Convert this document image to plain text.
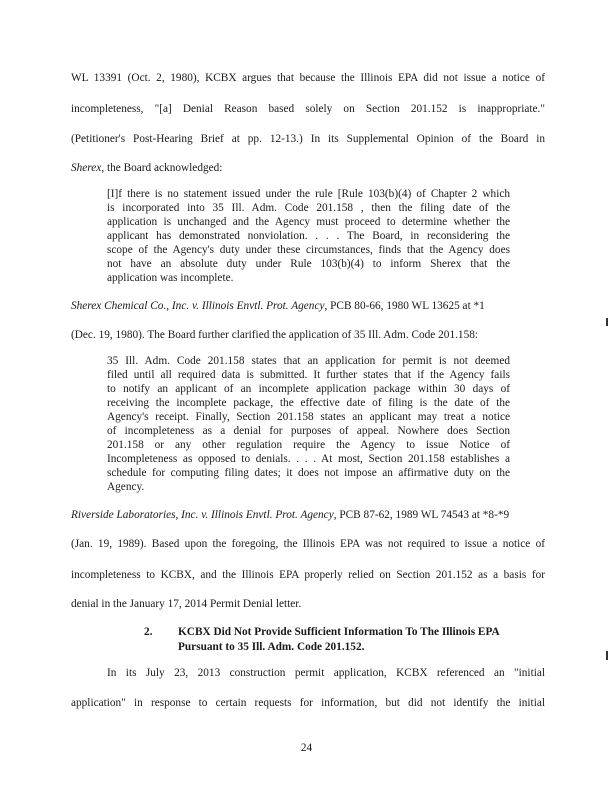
WL 13391 (Oct. 2, 1980), KCBX argues that because the Illinois EPA did not issue a notice of
incompleteness, "[a] Denial Reason based solely on Section 201.152 is inappropriate."
(Petitioner's Post-Hearing Brief at pp. 12-13.) In its Supplemental Opinion of the Board in
Sherex, the Board acknowledged:
[I]f there is no statement issued under the rule [Rule 103(b)(4) of Chapter 2 which
is incorporated into 35 Ill. Adm. Code 201.158 , then the filing date of the
application is unchanged and the Agency must proceed to determine whether the
applicant has demonstrated nonviolation. . . . The Board, in reconsidering the
scope of the Agency's duty under these circumstances, finds that the Agency does
not have an absolute duty under Rule 103(b)(4) to inform Sherex that the
application was incomplete.
Sherex Chemical Co., Inc. v. Illinois Envtl. Prot. Agency, PCB 80-66, 1980 WL 13625 at *1
(Dec. 19, 1980). The Board further clarified the application of 35 Ill. Adm. Code 201.158:
35 Ill. Adm. Code 201.158 states that an application for permit is not deemed
filed until all required data is submitted. It further states that if the Agency fails
to notify an applicant of an incomplete application package within 30 days of
receiving the incomplete package, the effective date of filing is the date of the
Agency's receipt. Finally, Section 201.158 states an applicant may treat a notice
of incompleteness as a denial for purposes of appeal. Nowhere does Section
201.158 or any other regulation require the Agency to issue Notice of
Incompleteness as opposed to denials. . . . At most, Section 201.158 establishes a
schedule for computing filing dates; it does not impose an affirmative duty on the
Agency.
Riverside Laboratories, Inc. v. Illinois Envtl. Prot. Agency, PCB 87-62, 1989 WL 74543 at *8-*9
(Jan. 19, 1989). Based upon the foregoing, the Illinois EPA was not required to issue a notice of
incompleteness to KCBX, and the Illinois EPA properly relied on Section 201.152 as a basis for
denial in the January 17, 2014 Permit Denial letter.
2. KCBX Did Not Provide Sufficient Information To The Illinois EPA
Pursuant to 35 Ill. Adm. Code 201.152.
In its July 23, 2013 construction permit application, KCBX referenced an "initial
application" in response to certain requests for information, but did not identify the initial
24
